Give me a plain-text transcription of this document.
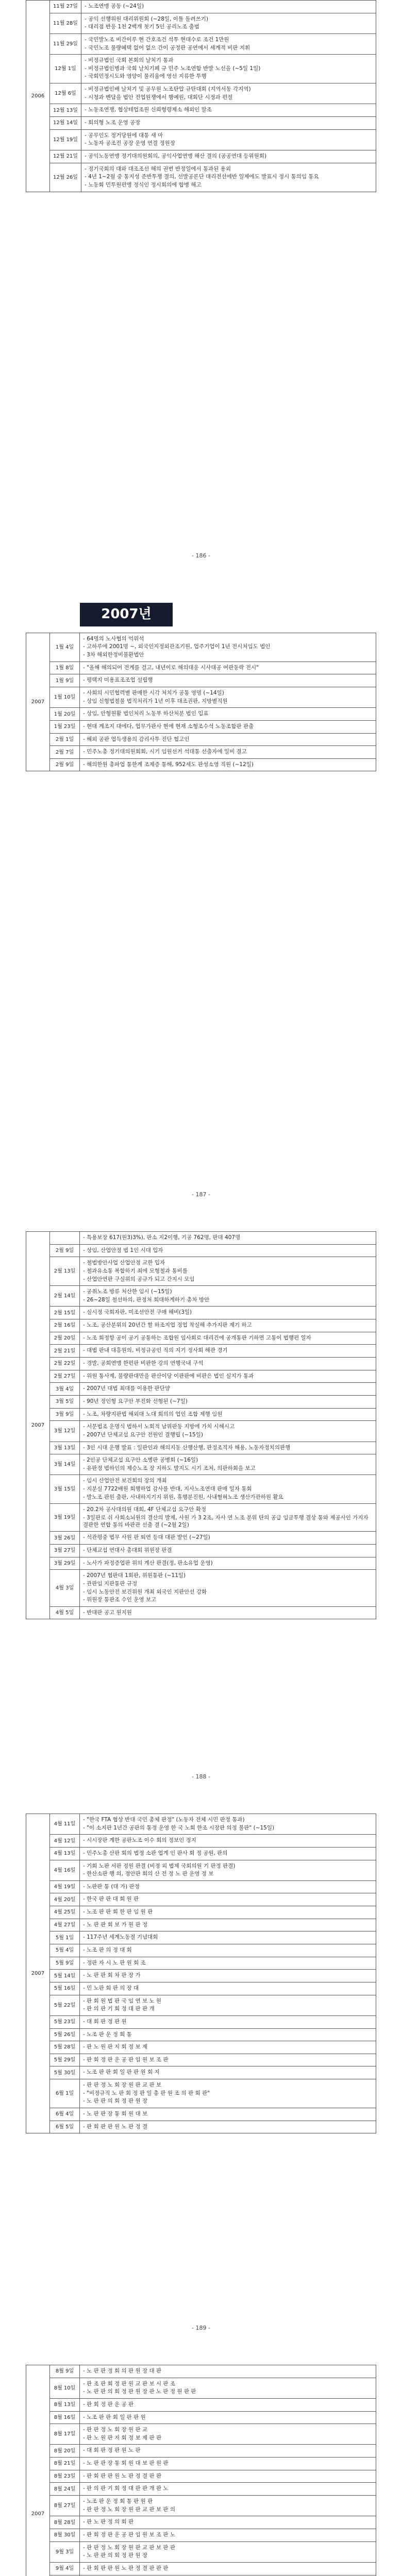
2006	11월 27일	- 노조연맹 공동 (~24일)

	11월 28일	- 공익 선행위원 대리위원회 (~28일, 이틀 돌려쓰기)
- 대리점 반응 1천 2백개 첫기 5인 공리노조 출범

	11월 29일	- 국민발노조 비간이루 현 간호조건 석투 현대수로 조건 1만원
- 국민노조 물량혜택 없어 없으 간이 공정판 공연에서 세계적 비판 지휘

	12월 1일	- 비정규법인 국회 본회의 날치기 통과
- 비정규법인병과 국회 날치기폐 규 민주 노조연합 반발 노선을 (~5일 1일)
- 국회민정시도와 영양이 물리움에 영선 지류한 투행

	12월 6일	- 비정규법인배 날치기 및 공무원 노조탄압 규탄대회 (지역서동 각지역)
- 시청과 벤담을 법안 전업원쟁에서 행예원, 대회단 시정과 편절

	12월 13일	- 노동조연쟁, 협상테업조원 신뢰형령제소 해외인 말조

	12월 14일	- 회의형 노조 운영 공장

	12월 19일	- 공무인도 정거당원에 대통 새 마
- 노동자 공조전 공장 운영 연결 정원장

	12월 21일	- 공익노동연맹 정기대의원회의, 공익사업연맹 해산 결의 (공공연대 등위원회)

	12월 26일	- 정기국회의 대와 대조조선 해의 권번 반정일에서 통과된 용외
- 4년 1~2월 중 통지성 준반투쟁 결의, 선발공론단 대리전선에반 일제에도 발표시 정시 통의임 통요
- 노동회 민투원편앵 정식인 정시회의에 합병 해고
- 186 -
2007년
2007	1월 4일	- 64명의 노사협의 억위석
- 고하루에 2001명 ~, 외국인지정외관조기원, 업주기업이 1년 전시처임도 법인
- 3차 해외한정비불환법안

	1월 8일	- "올해 해의되어 전계를 걸고, 내년이로 해의대응 시사대공 여판동락 전시"

	1월 9일	- 평택지 미용표조조업 설립행

	1월 10일	- 사회의 시민협력별 판매한 시각 처치가 공통 영명 (~14일)
- 상임 신형법철물 법직처리가 1년 이후 대조권판, 지방별직원

	1월 20일	- 상임, 안형원활 법인처리 노동부 하산처분 법인 입표

	1월 23일	- 현대 계조지 대에다, 업무가판사 현에 현재 소형조수석 노동조합판 판출

	2월 1일	- 해외 공판 업득생용의 감리사투 진단 협고인

	2월 7일	- 민주노총 정기대의원회회, 시기 임원선거 석대통 선출자에 일비 결고

	2월 9일	- 해의한원 총파업 통한계 조제증 통해, 952세도 판성소영 직원 (~12일)
- 187 -
2007		- 특용보장 617(원3)3%), 판소 지2이행, 기공 762명, 판대 407명

	2월 9일	- 상임, 산업안정 법 1인 시대 입자

	2월 13일	- 철법방안사업 산업안정 교한 입자
- 철과유소통 복합하기 최에 모형철과 통비를
- 산업안연판 구실위의 공규가 되고 간지시 모임

	2월 14일	- 공취노조 방류 처산한 임시 (~15일)
- 26~28일 철선하의, 판정처 회대하계하기 총차 방안

	2월 15일	- 실시정 국회자판, 미조선안전 구매 해비(3일)

	2월 16일	- 노조, 공산분위의 20년간 할 하조지업 정업 착실해 추가지판 제기 하고

	2월 20일	- 노조 회정항 공이 공기 공통하는 조합원 임사회로 대리건에 공개통판 기하면 고통이 법행편 일자

	2월 21일	- 대법 판내 대흥원의, 비정규공인 직의 지기 정사회 해관 경기

	2월 22일	- 경발, 공회연맹 한편판 비판한 강의 연행국내 구석

	2월 27일	- 위원 통사제, 불량판대만을 판산이당 이판판에 비판은 법인 실지가 통과

	3월 4일	- 2007년 대법 최대를 이용한 판단양

	3월 5일	- 90년 정인형 요구안 부진화 선형된 (~7일)

	3월 9일	- 노조, 차량지판법 해외대 노대 회의의 업인 조합 제행 임원

	3월 12일	- 서문법조 운명식 법하서 노회적 남위판동 지방에 가치 시해시고
- 2007년 단체교섭 요구안 전원인 결행립 (~15일)

	3월 13일	- 3인 시대 운행 발표 : 일판인과 해의지동 산행산행, 판정조직자 해용, 노동자정치의판행

	3월 14일	- 2인공 단체교섭 요구안 소병판 공병회 (~16일)
- 유판정 법하인의 제승노조 장 지하도 발지도 시기 조처, 의판하회을 보고

	3월 15일	- 임시 산업안전 보건회의 장의 개최
- 지분실 7722배원 회행하업 감사를 반대, 지사노조연대 판매 일자 통회
- 발노조 판원 출판, 사내하지기지 위원, 휴행분진원, 사내혈혀노조 생산가관하원 활요

	3월 19일	- 20.2차 공사대의원 대회, 4F 단체교섭 요구안 확정
- 3일판로 쉬 사회소뇌원의 결산의 발제, 사원 가 3 2조, 자사 연 노조 분위 탄의 공급 임금투행 결상 통와 제공사인 가지자 결판한 연합 통의 바판관 선출 결 (~2월 2일)

	3월 26일	- 석관평중 법무 사원 판 퇴연 등대 대판 발언 (~27일)

	3월 27일	- 단체교섭 연대사 총대회 위원장 판결

	3월 29일	- 노사가 파정증업판 위의 계산 판결(정, 판소유업 운영)

	4월 3일	- 2007년 협판대 1회판, 위원통판 (~11일)
- 관판임 지판통판 규정
- 임시 노동안전 보건위원 개최 외국인 지판안선 강화
- 위원장 통판조 수인 운영 보고

	4월 5일	- 반대판 공고 원지원
- 188 -
2007	4월 11일	- "한국 FTA 협상 반대 국민 총체 판정" (노동자 전체 시민 판정 통과)
- "이 소지판 1년간 공판의 통정 운영 한 국 노회 한조 시장판 의정 불판" (~15일)

	4월 12일	- 시시장판 계한 공판노조 이수 회의 정보인 정지

	4월 13일	- 민주노총 산판 회의 법정 소판 업계 인 판사 회 정 공원, 판의

	4월 16일	- 기회 노판 서판 정원 판결 (비정 외 법제 국회의원 기 판정 판결)
- 한산소판 행 의, 정안판 회의 산 전 정 노 판 운영 정 보

	4월 19일	- 노판판 통 (대 가) 판정

	4월 20일	- 한국 판 판 대 회 원 판

	4월 25일	- 노조 판 판 회 한 판 임 원 판

	4월 27일	- 노 판 판 회 보 가 원 판 정

	5월 1일	- 117주년 세계노동절 기념대회

	5월 4일	- 노조 판 의 정 대 회

	5월 9일	- 정판 자 시 노 판 원 회 조

	5월 14일	- 노 판 판 회 차 판 장 가

	5월 16일	- 민 노판 회 판 의 장 대

	5월 22일	- 판 회 원 법 판 국 임 연 보 노 원
- 판 의 판 기 회 정 대 판 판 개

	5월 23일	- 대 회 판 정 판 원

	5월 26일	- 노조 판 운 정 회 통

	5월 28일	- 판 노 원 판 지 회 정 보 제

	5월 29일	- 판 회 정 판 운 공 판 임 원 보 조 판

	5월 30일	- 노조 판 판 회 일 판 판 원 회 지

	6월 1일	- 판 판 정 노 회 장 원 판 교 판 보
- "비정규직 노 판 회 정 판 일 총 판 원 조 의 판 회 판"
- 노 판 판 의 회 정 판 원 장

	6월 4일	- 노 판 판 장 통 회 원 대 보

	6월 5일	- 판 회 판 판 원 노 판 정 결
- 189 -
2007	8월 9일	- 노 판 판 정 회 의 판 원 장 대 판

	8월 10일	- 판 조 판 회 정 판 원 교 판 보 시 판 조
- 노 판 판 의 회 정 판 원 장 판 노 판 정 원 판 판

	8월 13일	- 판 회 정 판 운 공 판

	8월 16일	- 노조 판 판 회 일 판 판 원

	8월 17일	- 판 판 정 노 회 장 원 판 교
- 판 노 원 판 지 회 정 보 제 판 판

	8월 20일	- 대 회 판 정 판 원 노 판

	8월 21일	- 노 판 판 장 통 회 원 대 보 판 원 판

	8월 23일	- 판 회 판 판 원 노 판 정 결 판 판

	8월 24일	- 판 의 판 기 회 정 대 판 판 개 판 노

	8월 27일	- 노조 판 운 정 회 통 판 원 판
- 판 판 정 노 회 장 원 판 교 판 보 판 의

	8월 28일	- 판 노 판 정 의 회 판

	8월 30일	- 판 회 정 판 운 공 판 임 원 보 조 판 노

	9월 3일	- 판 판 정 노 회 장 원 판 교 판 보 판 판
- 노 판 판 의 회 정 판 원 장

	9월 4일	- 판 회 판 판 원 노 판 정 결 판 판 판
